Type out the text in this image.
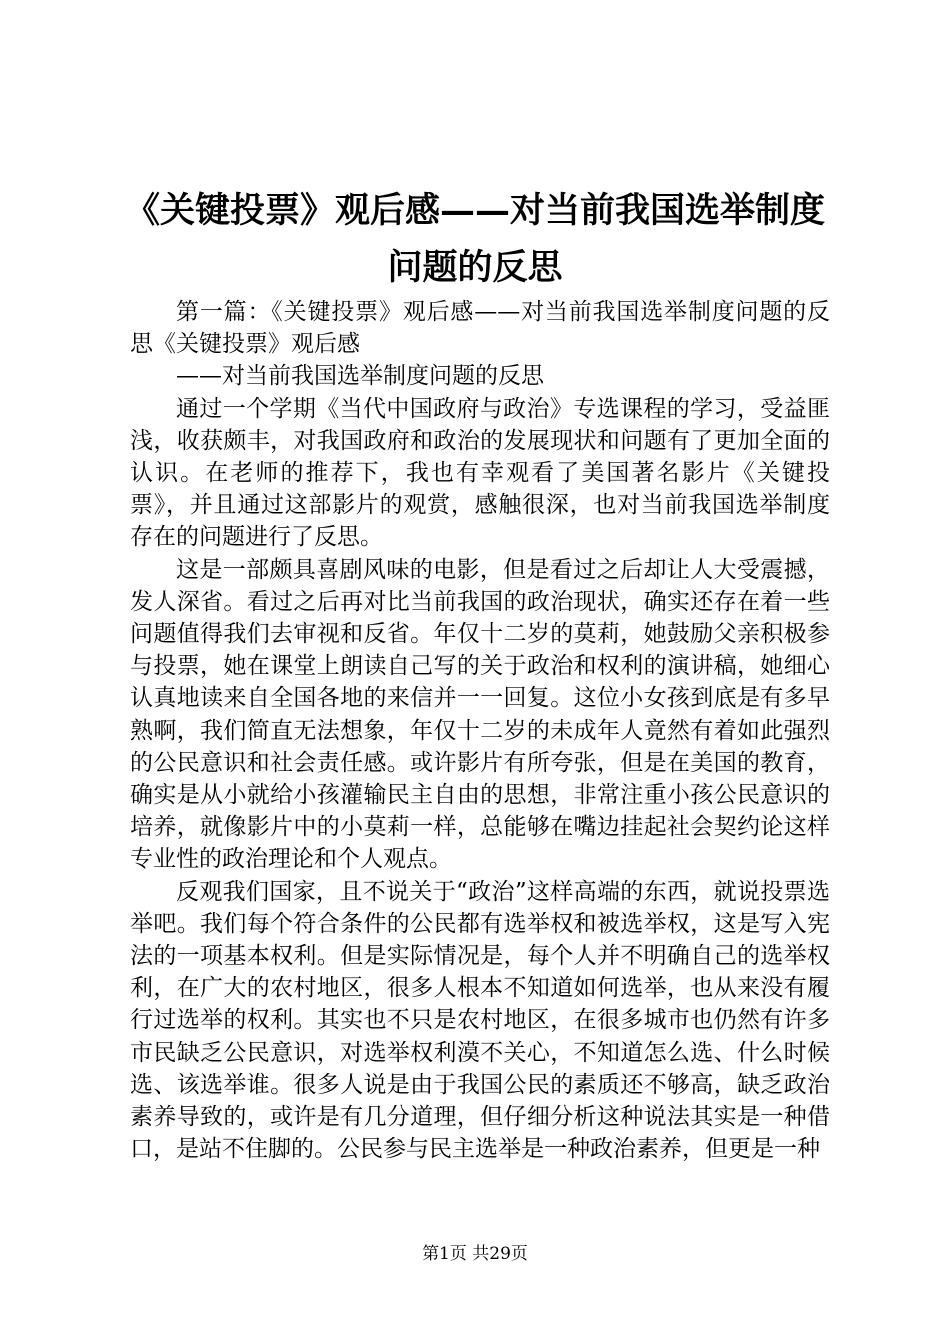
《关键投票》观后感——对当前我国选举制度
问题的反思

第一篇：《关键投票》观后感——对当前我国选举制度问题的反思《关键投票》观后感

——对当前我国选举制度问题的反思

通过一个学期《当代中国政府与政治》专选课程的学习，受益匪浅，收获颇丰，对我国政府和政治的发展现状和问题有了更加全面的认识。在老师的推荐下，我也有幸观看了美国著名影片《关键投票》，并且通过这部影片的观赏，感触很深，也对当前我国选举制度存在的问题进行了反思。

这是一部颇具喜剧风味的电影，但是看过之后却让人大受震撼，发人深省。看过之后再对比当前我国的政治现状，确实还存在着一些问题值得我们去审视和反省。年仅十二岁的莫莉，她鼓励父亲积极参与投票，她在课堂上朗读自己写的关于政治和权利的演讲稿，她细心认真地读来自全国各地的来信并一一回复。这位小女孩到底是有多早熟啊，我们简直无法想象，年仅十二岁的未成年人竟然有着如此强烈的公民意识和社会责任感。或许影片有所夸张，但是在美国的教育，确实是从小就给小孩灌输民主自由的思想，非常注重小孩公民意识的培养，就像影片中的小莫莉一样，总能够在嘴边挂起社会契约论这样专业性的政治理论和个人观点。

反观我们国家，且不说关于“政治”这样高端的东西，就说投票选举吧。我们每个符合条件的公民都有选举权和被选举权，这是写入宪法的一项基本权利。但是实际情况是，每个人并不明确自己的选举权利，在广大的农村地区，很多人根本不知道如何选举，也从来没有履行过选举的权利。其实也不只是农村地区，在很多城市也仍然有许多市民缺乏公民意识，对选举权利漠不关心，不知道怎么选、什么时候选、该选举谁。很多人说是由于我国公民的素质还不够高，缺乏政治素养导致的，或许是有几分道理，但仔细分析这种说法其实是一种借口，是站不住脚的。公民参与民主选举是一种政治素养，但更是一种

第1页 共29页
